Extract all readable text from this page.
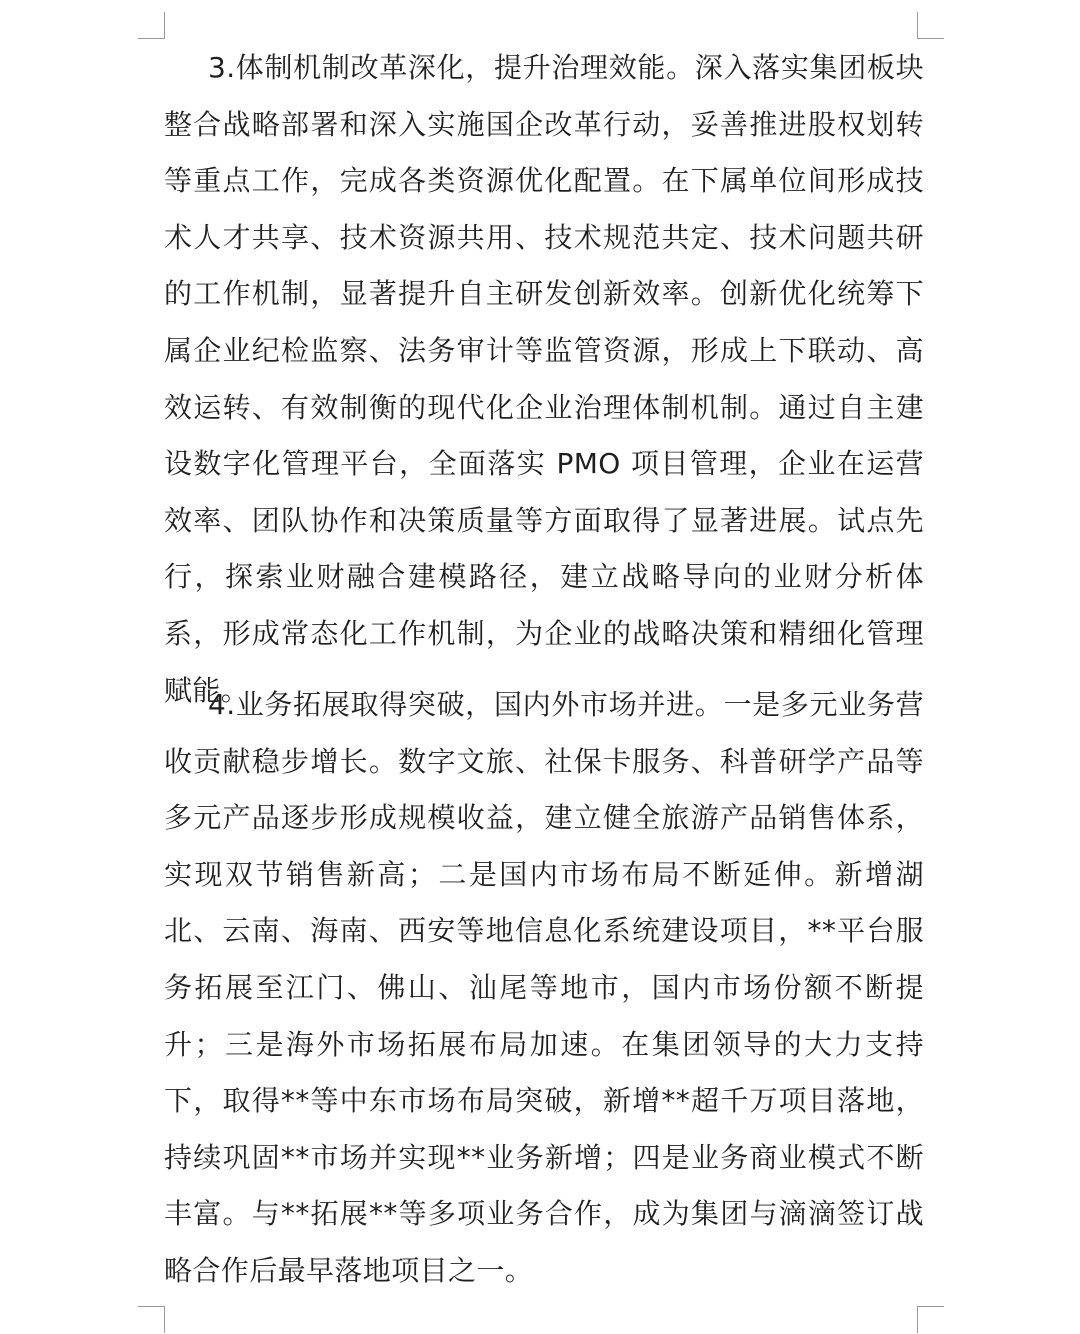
3.体制机制改革深化，提升治理效能。深入落实集团板块整合战略部署和深入实施国企改革行动，妥善推进股权划转等重点工作，完成各类资源优化配置。在下属单位间形成技术人才共享、技术资源共用、技术规范共定、技术问题共研的工作机制，显著提升自主研发创新效率。创新优化统筹下属企业纪检监察、法务审计等监管资源，形成上下联动、高效运转、有效制衡的现代化企业治理体制机制。通过自主建设数字化管理平台，全面落实 PMO 项目管理，企业在运营效率、团队协作和决策质量等方面取得了显著进展。试点先行，探索业财融合建模路径，建立战略导向的业财分析体系，形成常态化工作机制，为企业的战略决策和精细化管理赋能。

4.业务拓展取得突破，国内外市场并进。一是多元业务营收贡献稳步增长。数字文旅、社保卡服务、科普研学产品等多元产品逐步形成规模收益，建立健全旅游产品销售体系，实现双节销售新高；二是国内市场布局不断延伸。新增湖北、云南、海南、西安等地信息化系统建设项目，**平台服务拓展至江门、佛山、汕尾等地市，国内市场份额不断提升；三是海外市场拓展布局加速。在集团领导的大力支持下，取得**等中东市场布局突破，新增**超千万项目落地，持续巩固**市场并实现**业务新增；四是业务商业模式不断丰富。与**拓展**等多项业务合作，成为集团与滴滴签订战略合作后最早落地项目之一。
